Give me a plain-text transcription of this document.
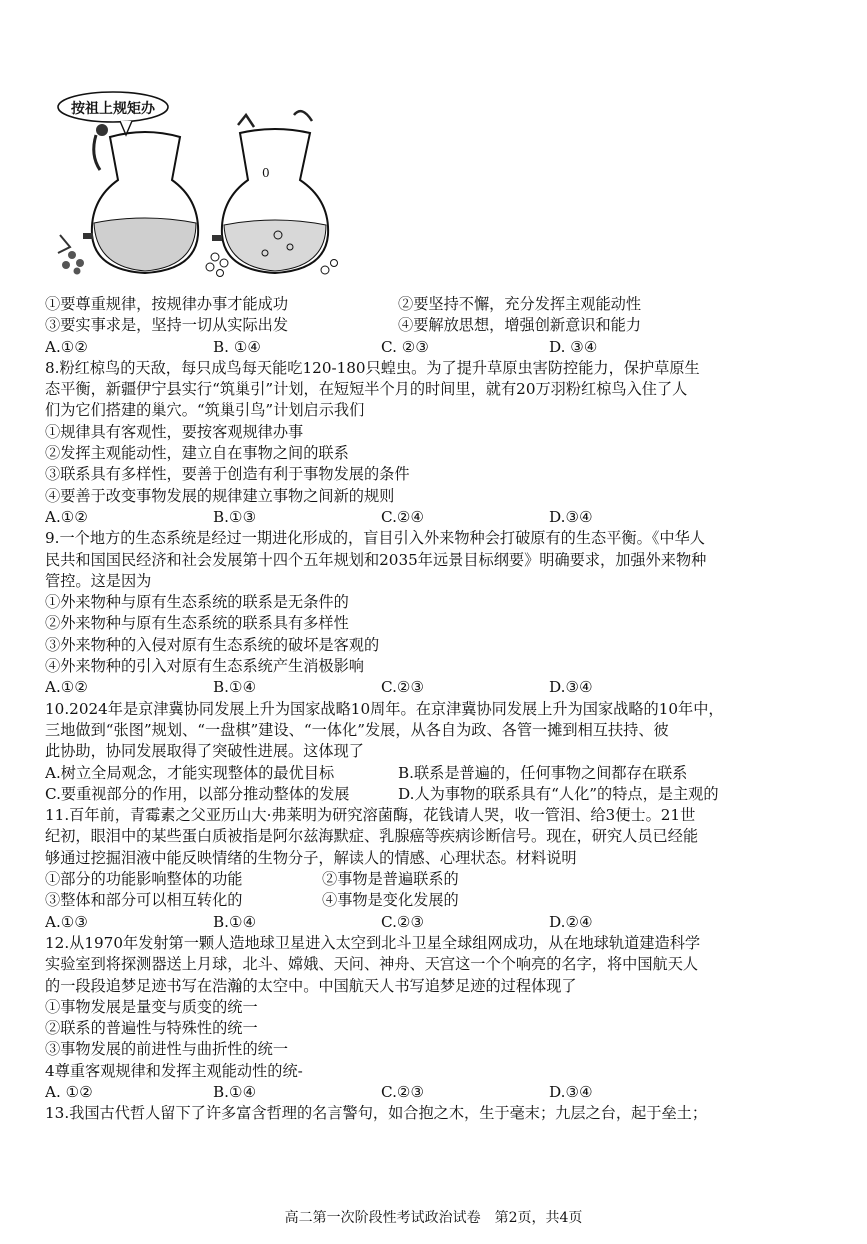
按祖上规矩办
0
①要尊重规律，按规律办事才能成功	②要坚持不懈，充分发挥主观能动性
③要实事求是，坚持一切从实际出发	④要解放思想，增强创新意识和能力
A.①②	B. ①④	C. ②③	D. ③④
8.粉红椋鸟的天敌，每只成鸟每天能吃120-180只蝗虫。为了提升草原虫害防控能力，保护草原生
态平衡，新疆伊宁县实行“筑巢引”计划，在短短半个月的时间里，就有20万羽粉红椋鸟入住了人
们为它们搭建的巢穴。“筑巢引鸟”计划启示我们
①规律具有客观性，要按客观规律办事
②发挥主观能动性，建立自在事物之间的联系
③联系具有多样性，要善于创造有利于事物发展的条件
④要善于改变事物发展的规律建立事物之间新的规则
A.①②	B.①③	C.②④	D.③④
9.一个地方的生态系统是经过一期进化形成的，盲目引入外来物种会打破原有的生态平衡。《中华人
民共和国国民经济和社会发展第十四个五年规划和2035年远景目标纲要》明确要求，加强外来物种
管控。这是因为
①外来物种与原有生态系统的联系是无条件的
②外来物种与原有生态系统的联系具有多样性
③外来物种的入侵对原有生态系统的破坏是客观的
④外来物种的引入对原有生态系统产生消极影响
A.①②	B.①④	C.②③	D.③④
10.2024年是京津冀协同发展上升为国家战略10周年。在京津冀协同发展上升为国家战略的10年中，
三地做到“张图”规划、“一盘棋”建设、“一体化”发展，从各自为政、各管一摊到相互扶持、彼
此协助，协同发展取得了突破性进展。这体现了
A.树立全局观念，才能实现整体的最优目标	B.联系是普遍的，任何事物之间都存在联系
C.要重视部分的作用，以部分推动整体的发展	D.人为事物的联系具有“人化”的特点，是主观的
11.百年前，青霉素之父亚历山大·弗莱明为研究溶菌酶，花钱请人哭，收一管泪、给3便士。21世
纪初，眼泪中的某些蛋白质被指是阿尔兹海默症、乳腺癌等疾病诊断信号。现在，研究人员已经能
够通过挖掘泪液中能反映情绪的生物分子，解读人的情感、心理状态。材料说明
①部分的功能影响整体的功能	②事物是普遍联系的
③整体和部分可以相互转化的	④事物是变化发展的
A.①③	B.①④	C.②③	D.②④
12.从1970年发射第一颗人造地球卫星进入太空到北斗卫星全球组网成功，从在地球轨道建造科学
实验室到将探测器送上月球，北斗、嫦娥、天问、神舟、天宫这一个个响亮的名字，将中国航天人
的一段段追梦足迹书写在浩瀚的太空中。中国航天人书写追梦足迹的过程体现了
①事物发展是量变与质变的统一
②联系的普遍性与特殊性的统一
③事物发展的前进性与曲折性的统一
4尊重客观规律和发挥主观能动性的统-
A. ①②	B.①④	C.②③	D.③④
13.我国古代哲人留下了许多富含哲理的名言警句，如合抱之木，生于毫末；九层之台，起于垒土；
高二第一次阶段性考试政治试卷　第2页，共4页
